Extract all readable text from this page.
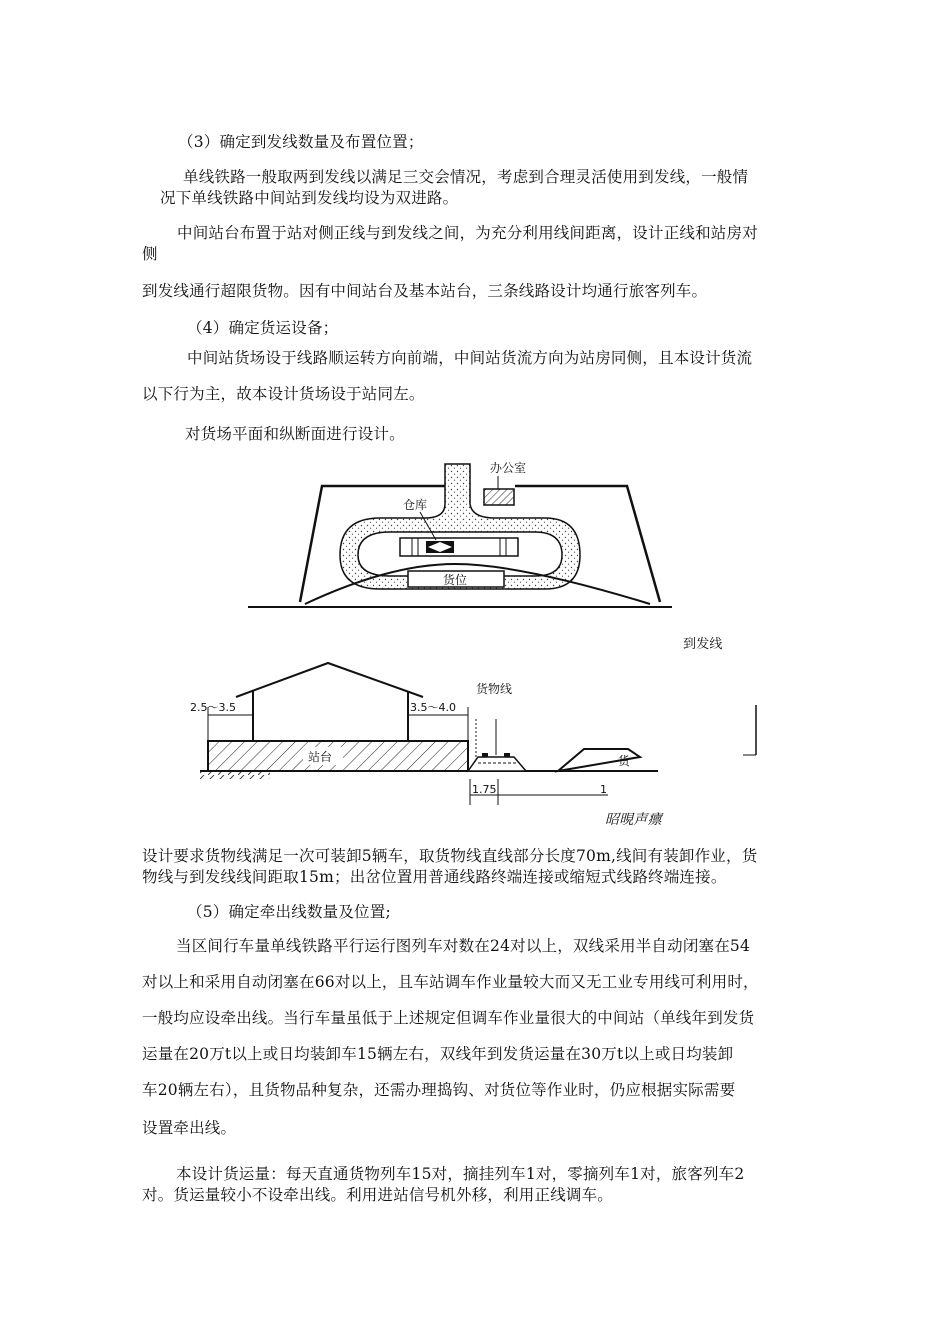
（3）确定到发线数量及布置位置；
单线铁路一般取两到发线以满足三交会情况，考虑到合理灵活使用到发线，一般情
况下单线铁路中间站到发线均设为双进路。
中间站台布置于站对侧正线与到发线之间，为充分利用线间距离，设计正线和站房对
侧
到发线通行超限货物。因有中间站台及基本站台，三条线路设计均通行旅客列车。
（4）确定货运设备；
中间站货场设于线路顺运转方向前端，中间站货流方向为站房同侧，且本设计货流
以下行为主，故本设计货场设于站同左。
对货场平面和纵断面进行设计。
办公室
仓库
货位
到发线
站台
2.5～3.5	3.5～4.0
货物线
货
1.75	1
昭晛声癝
设计要求货物线满足一次可装卸5辆车，取货物线直线部分长度70m,线间有装卸作业，货
物线与到发线线间距取15m；出岔位置用普通线路终端连接或缩短式线路终端连接。
（5）确定牵出线数量及位置;
当区间行车量单线铁路平行运行图列车对数在24对以上，双线采用半自动闭塞在54
对以上和采用自动闭塞在66对以上，且车站调车作业量较大而又无工业专用线可利用时，
一般均应设牵出线。当行车量虽低于上述规定但调车作业量很大的中间站（单线年到发货
运量在20万t以上或日均装卸车15辆左右，双线年到发货运量在30万t以上或日均装卸
车20辆左右），且货物品种复杂，还需办理捣钩、对货位等作业时，仍应根据实际需要
设置牵出线。
本设计货运量：每天直通货物列车15对，摘挂列车1对，零摘列车1对，旅客列车2
对。货运量较小不设牵出线。利用进站信号机外移，利用正线调车。
